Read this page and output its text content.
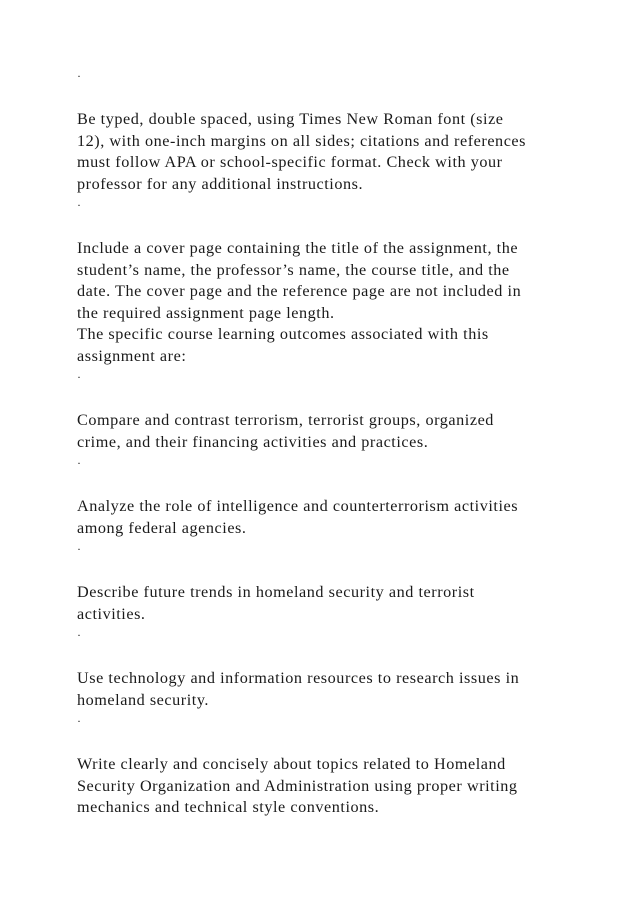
·
Be typed, double spaced, using Times New Roman font (size
12), with one-inch margins on all sides; citations and references
must follow APA or school-specific format. Check with your
professor for any additional instructions.
·
Include a cover page containing the title of the assignment, the
student’s name, the professor’s name, the course title, and the
date. The cover page and the reference page are not included in
the required assignment page length.
The specific course learning outcomes associated with this
assignment are:
·
Compare and contrast terrorism, terrorist groups, organized
crime, and their financing activities and practices.
·
Analyze the role of intelligence and counterterrorism activities
among federal agencies.
·
Describe future trends in homeland security and terrorist
activities.
·
Use technology and information resources to research issues in
homeland security.
·
Write clearly and concisely about topics related to Homeland
Security Organization and Administration using proper writing
mechanics and technical style conventions.
